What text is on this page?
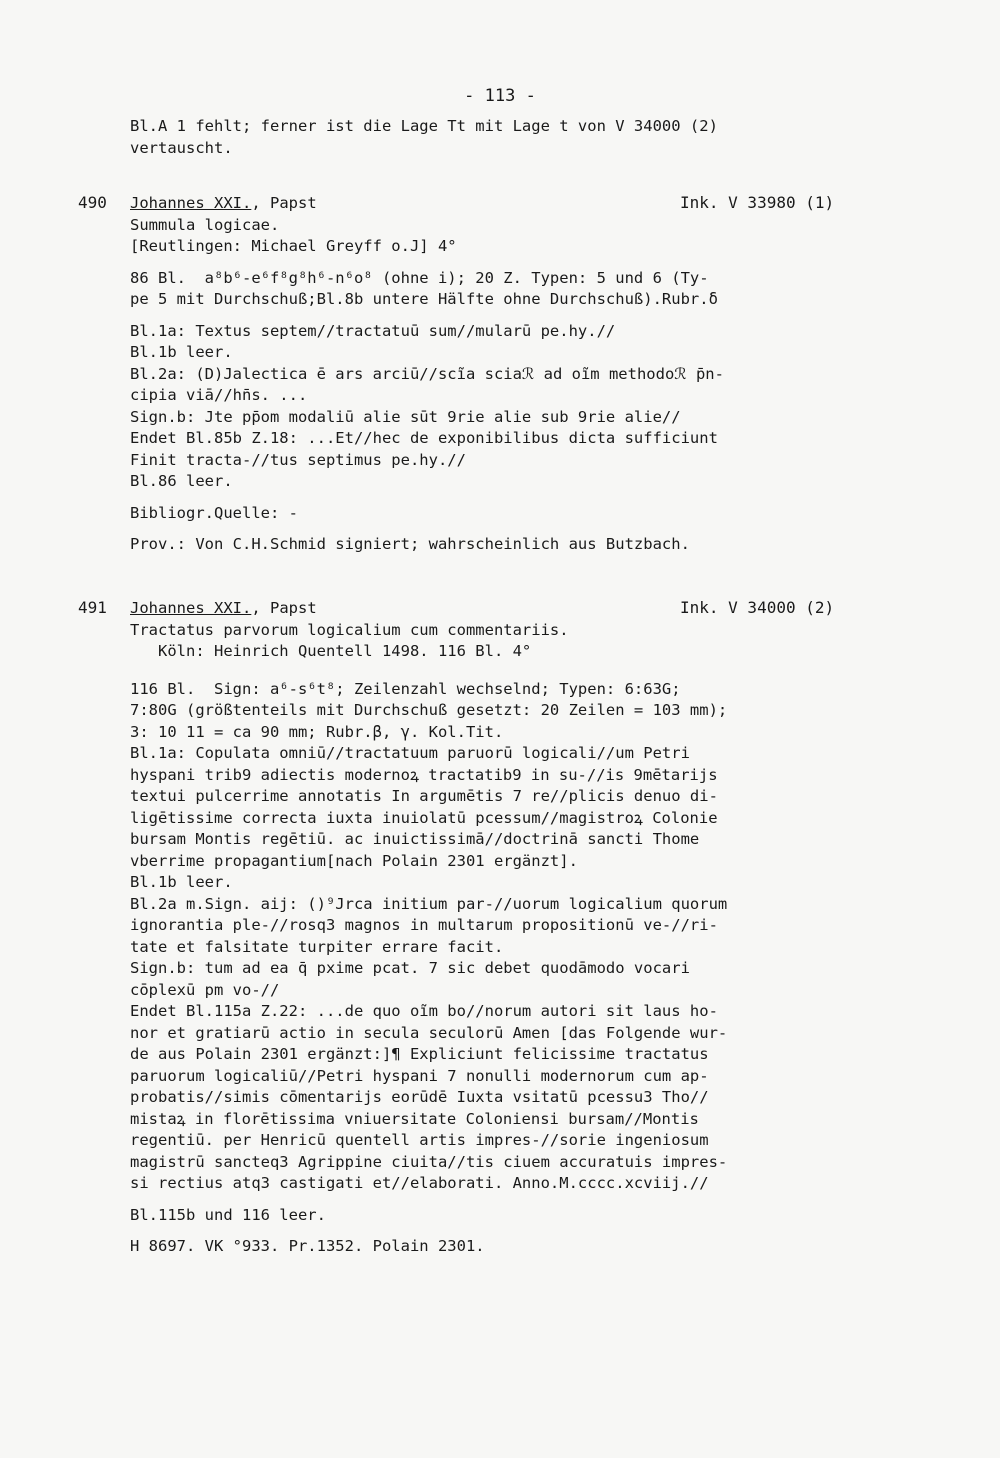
- 113 -
Bl.A 1 fehlt; ferner ist die Lage Tt mit Lage t von V 34000 (2)
vertauscht.
490	Ink. V 33980 (1)
Johannes XXI., Papst
Summula logicae.
[Reutlingen: Michael Greyff o.J] 4°
86 Bl.  a⁸b⁶-e⁶f⁸g⁸h⁶-n⁶o⁸ (ohne i); 20 Z. Typen: 5 und 6 (Ty-
pe 5 mit Durchschuß;Bl.8b untere Hälfte ohne Durchschuß).Rubr.δ
Bl.1a: Textus septem//tractatuū sum//mularū pe.hy.//
Bl.1b leer.
Bl.2a: (D)Jalectica ē ars arciū//scĩa sciaℛ ad oĩm methodoℛ p̄n-
cipia viā//hn̄s. ...
Sign.b: Jte pp̄om modaliū alie sūt 9rie alie sub 9rie alie//
Endet Bl.85b Z.18: ...Et//hec de exponibilibus dicta sufficiunt
Finit tracta-//tus septimus pe.hy.//
Bl.86 leer.
Bibliogr.Quelle: -
Prov.: Von C.H.Schmid signiert; wahrscheinlich aus Butzbach.
491	Ink. V 34000 (2)
Johannes XXI., Papst
Tractatus parvorum logicalium cum commentariis.
Köln: Heinrich Quentell 1498. 116 Bl. 4°
116 Bl.  Sign: a⁶-s⁶t⁸; Zeilenzahl wechselnd; Typen: 6:63G;
7:80G (größtenteils mit Durchschuß gesetzt: 20 Zeilen = 103 mm);
3: 10 11 = ca 90 mm; Rubr.β, γ. Kol.Tit.
Bl.1a: Copulata omniū//tractatuum paruorū logicali//um Petri
hyspani trib9 adiectis modernoꝝ tractatib9 in su-//is 9mētarijs
textui pulcerrime annotatis In argumētis 7 re//plicis denuo di-
ligētissime correcta iuxta inuiolatū pcessum//magistroꝝ Colonie
bursam Montis regētiū. ac inuictissimā//doctrinā sancti Thome
vberrime propagantium[nach Polain 2301 ergänzt].
Bl.1b leer.
Bl.2a m.Sign. aij: ()⁹Jrca initium par-//uorum logicalium quorum
ignorantia ple-//rosq3 magnos in multarum propositionū ve-//ri-
tate et falsitate turpiter errare facit.
Sign.b: tum ad ea q̄ pxime pcat. 7 sic debet quodāmodo vocari
cōplexū pm vo-//
Endet Bl.115a Z.22: ...de quo oĩm bo//norum autori sit laus ho-
nor et gratiarū actio in secula seculorū Amen [das Folgende wur-
de aus Polain 2301 ergänzt:]¶ Expliciunt felicissime tractatus
paruorum logicaliū//Petri hyspani 7 nonulli modernorum cum ap-
probatis//simis cōmentarijs eorūdē Iuxta vsitatū pcessu3 Tho//
mistaꝝ in florētissima vniuersitate Coloniensi bursam//Montis
regentiū. per Henricū quentell artis impres-//sorie ingeniosum
magistrū sancteq3 Agrippine ciuita//tis ciuem accuratuis impres-
si rectius atq3 castigati et//elaborati. Anno.M.cccc.xcviij.//
Bl.115b und 116 leer.
H 8697. VK °933. Pr.1352. Polain 2301.
